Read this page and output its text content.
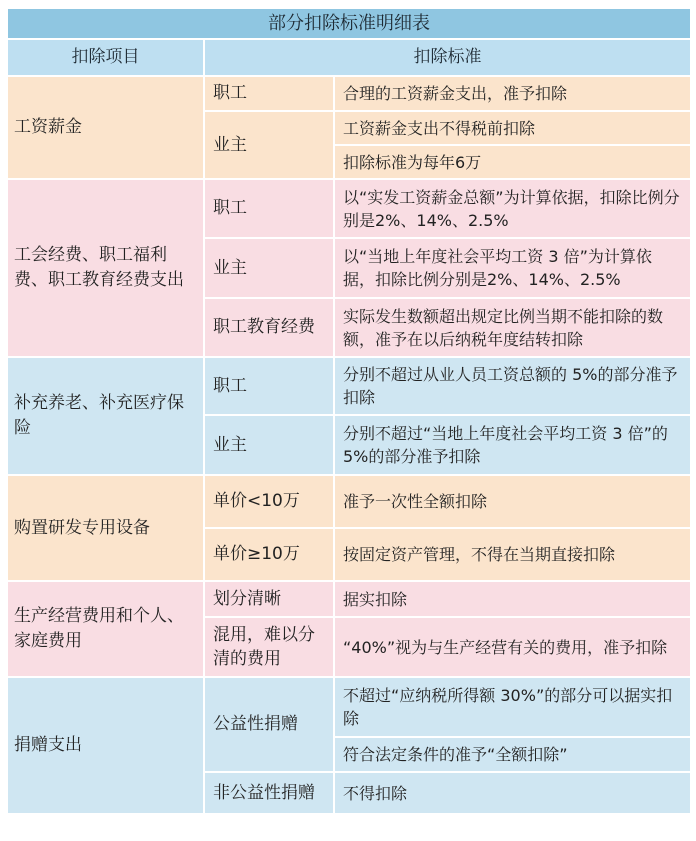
部分扣除标准明细表		
扣除项目	扣除标准	
工资薪金	职工	合理的工资薪金支出，准予扣除
	业主	工资薪金支出不得税前扣除
		扣除标准为每年6万
工会经费、职工福利费、职工教育经费支出	职工	以“实发工资薪金总额”为计算依据，扣除比例分别是2%、14%、2.5%
	业主	以“当地上年度社会平均工资 3 倍”为计算依据，扣除比例分别是2%、14%、2.5%
	职工教育经费	实际发生数额超出规定比例当期不能扣除的数额，准予在以后纳税年度结转扣除
补充养老、补充医疗保险	职工	分别不超过从业人员工资总额的 5%的部分准予扣除
	业主	分别不超过“当地上年度社会平均工资 3 倍”的 5%的部分准予扣除
购置研发专用设备	单价<10万	准予一次性全额扣除
	单价≥10万	按固定资产管理，不得在当期直接扣除
生产经营费用和个人、家庭费用	划分清晰	据实扣除
	混用，难以分清的费用	“40%”视为与生产经营有关的费用，准予扣除
捐赠支出	公益性捐赠	不超过“应纳税所得额 30%”的部分可以据实扣除
		符合法定条件的准予“全额扣除”
	非公益性捐赠	不得扣除
